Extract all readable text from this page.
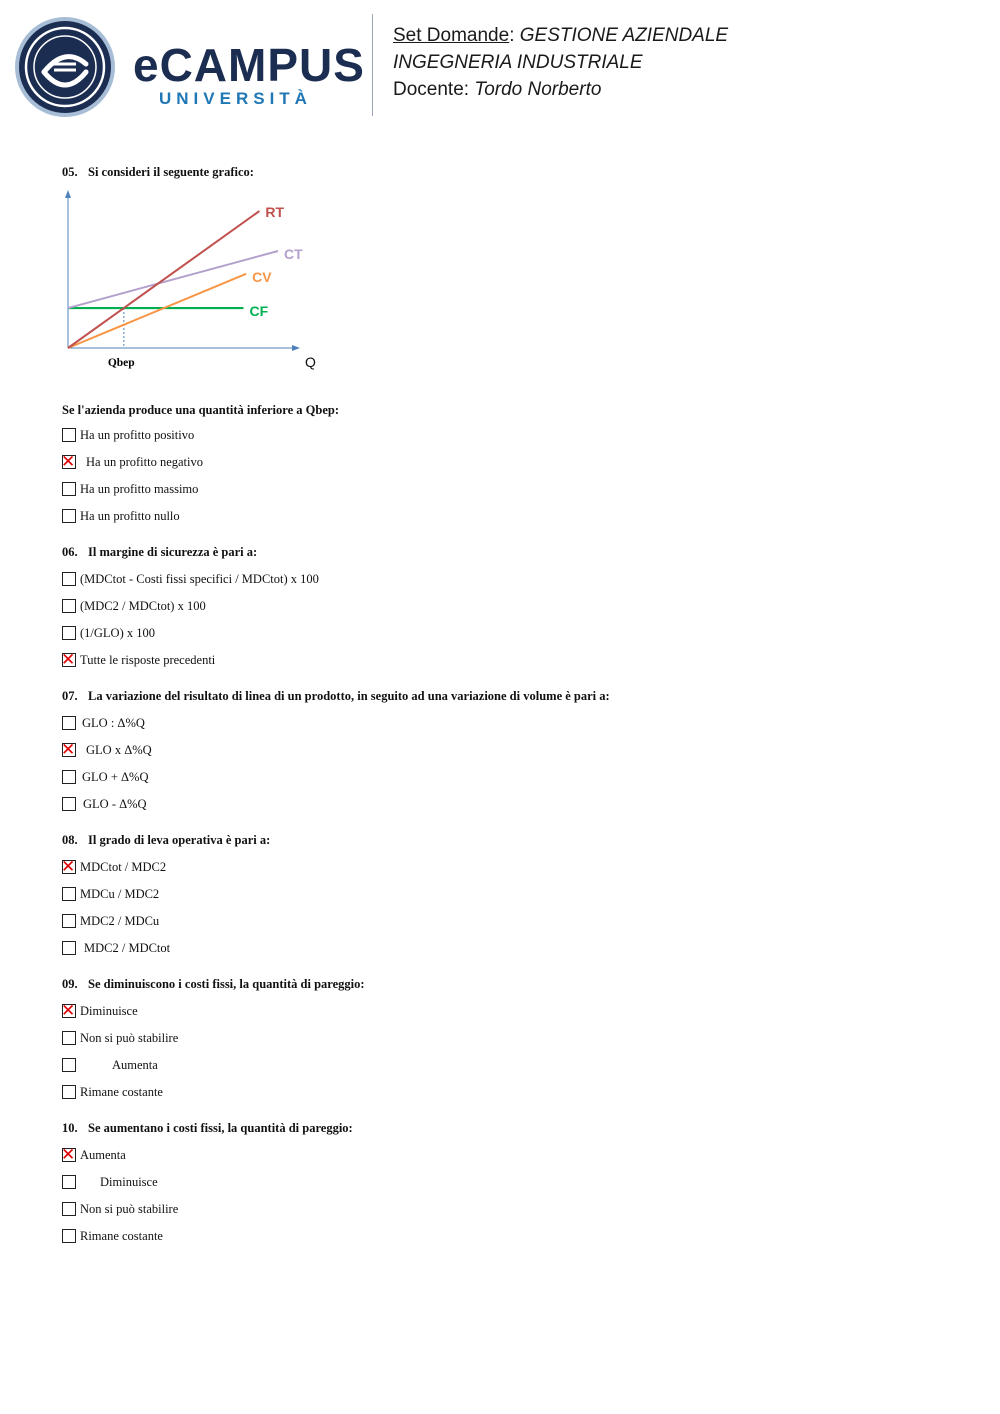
eCAMPUS
UNIVERSITÀ
Set Domande: GESTIONE AZIENDALE
INGEGNERIA INDUSTRIALE
Docente: Tordo Norberto
05. Si consideri il seguente grafico:
RT
CT
CV
CF
Qbep	Q
Se l'azienda produce una quantità inferiore a Qbep:
Ha un profitto positivo
✕
Ha un profitto negativo
Ha un profitto massimo
Ha un profitto nullo
06. Il margine di sicurezza è pari a:
(MDCtot - Costi fissi specifici / MDCtot) x 100
(MDC2 / MDCtot) x 100
(1/GLO) x 100
✕
Tutte le risposte precedenti
07. La variazione del risultato di linea di un prodotto, in seguito ad una variazione di volume è pari a:
GLO : Δ%Q
✕
GLO x Δ%Q
GLO + Δ%Q
GLO - Δ%Q
08. Il grado di leva operativa è pari a:
✕
MDCtot / MDC2
MDCu / MDC2
MDC2 / MDCu
MDC2 / MDCtot
09. Se diminuiscono i costi fissi, la quantità di pareggio:
✕
Diminuisce
Non si può stabilire
Aumenta
Rimane costante
10. Se aumentano i costi fissi, la quantità di pareggio:
✕
Aumenta
Diminuisce
Non si può stabilire
Rimane costante
